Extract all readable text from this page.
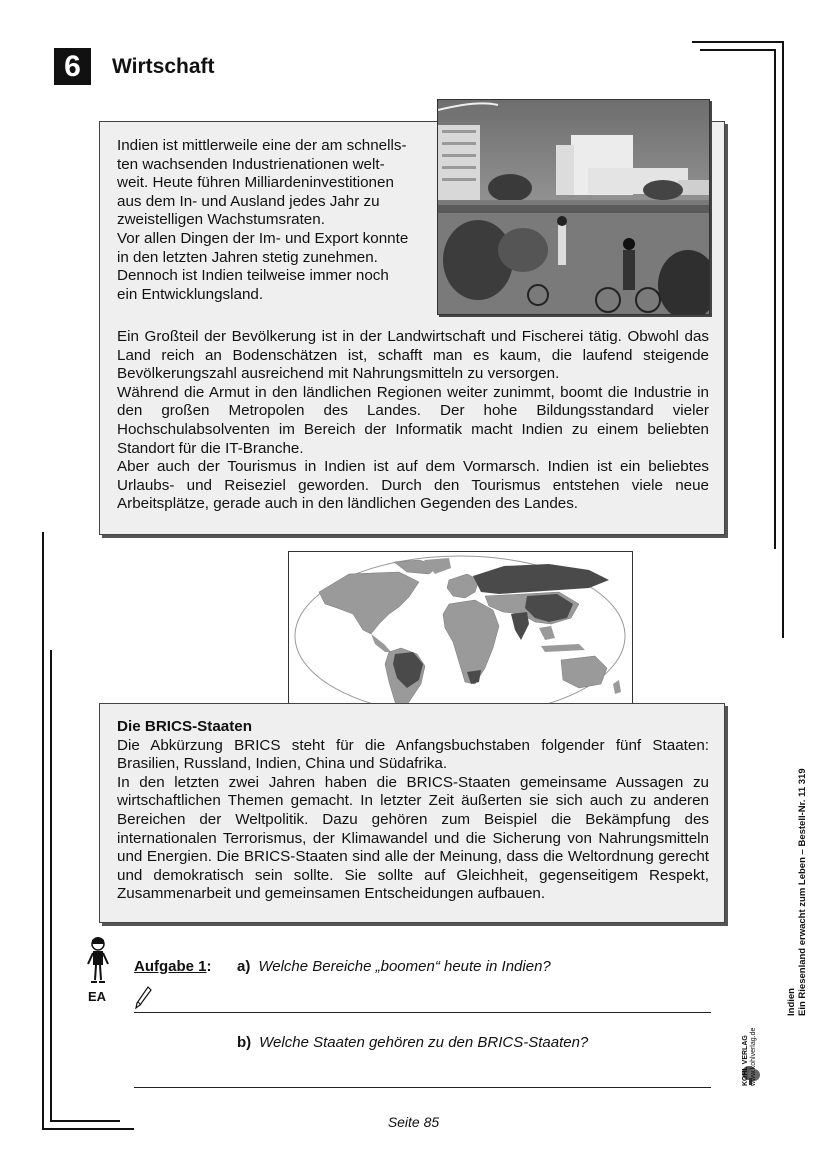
6	Wirtschaft
Indien ist mittlerweile eine der am schnells-
ten wachsenden Industrienationen welt-
weit. Heute führen Milliardeninvestitionen
aus dem In- und Ausland jedes Jahr zu
zweistelligen Wachstumsraten.
Vor allen Dingen der Im- und Export konnte
in den letzten Jahren stetig zunehmen.
Dennoch ist Indien teilweise immer noch
ein Entwicklungsland.

Ein Großteil der Bevölkerung ist in der Landwirtschaft und Fischerei tätig. Obwohl das Land reich an Bodenschätzen ist, schafft man es kaum, die laufend steigende Bevölkerungszahl ausreichend mit Nahrungsmitteln zu versorgen.

Während die Armut in den ländlichen Regionen weiter zunimmt, boomt die Industrie in den großen Metropolen des Landes. Der hohe Bildungsstandard vieler Hochschulabsolventen im Bereich der Informatik macht Indien zu einem beliebten Standort für die IT-Branche.

Aber auch der Tourismus in Indien ist auf dem Vormarsch. Indien ist ein beliebtes Urlaubs- und Reiseziel geworden. Durch den Tourismus entstehen viele neue Arbeitsplätze, gerade auch in den ländlichen Gegenden des Landes.

Die BRICS-Staaten

Die Abkürzung BRICS steht für die Anfangsbuchstaben folgender fünf Staaten: Brasilien, Russland, Indien, China und Südafrika.

In den letzten zwei Jahren haben die BRICS-Staaten gemeinsame Aussagen zu wirtschaftlichen Themen gemacht. In letzter Zeit äußerten sie sich auch zu anderen Bereichen der Weltpolitik. Dazu gehören zum Beispiel die Bekämpfung des internationalen Terrorismus, der Klimawandel und die Sicherung von Nahrungsmitteln und Energien. Die BRICS-Staaten sind alle der Meinung, dass die Weltordnung gerecht und demokratisch sein sollte. Sie sollte auf Gleichheit, gegenseitigem Respekt, Zusammenarbeit und gemeinsamen Entscheidungen aufbauen.

EA
Aufgabe 1: a) Welche Bereiche „boomen“ heute in Indien?
b) Welche Staaten gehören zu den BRICS-Staaten?
Seite 85
Indien Ein Riesenland erwacht zum Leben – Bestell-Nr. 11 319
KOHL VERLAG www.kohlverlag.de
